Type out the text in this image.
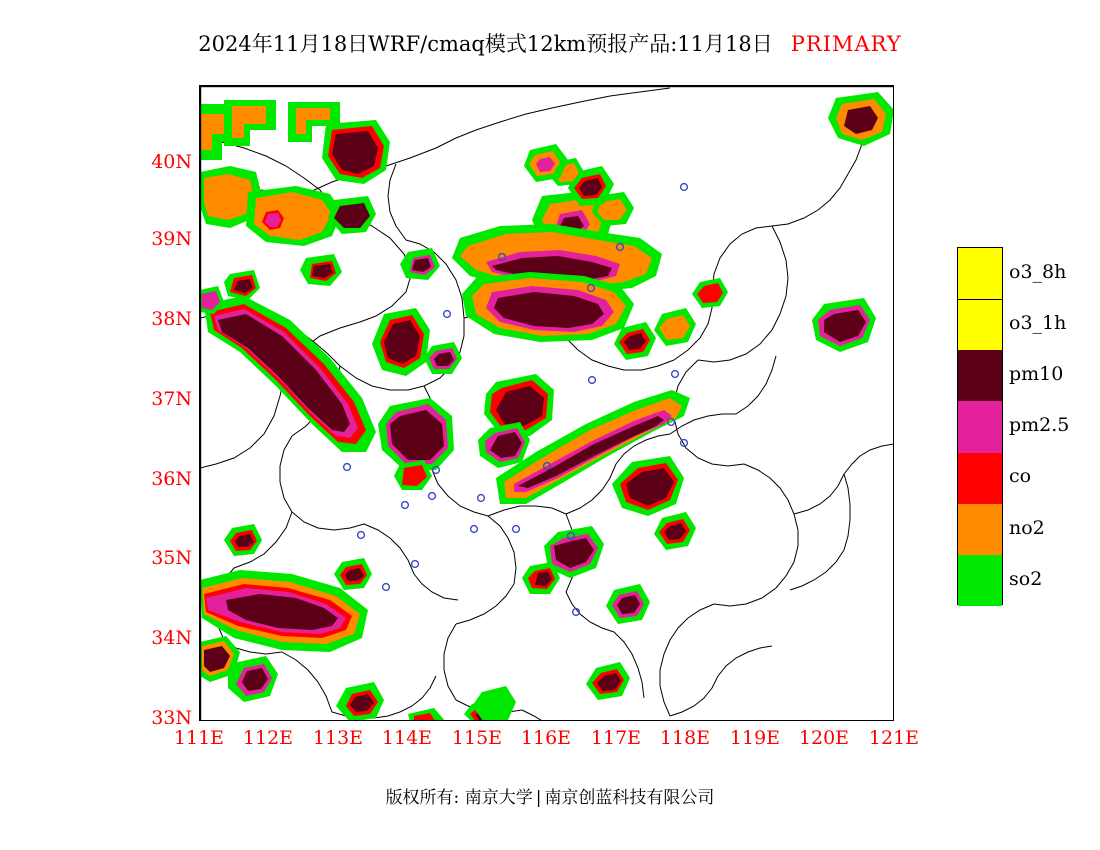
2024年11月18日WRF/cmaq模式12km预报产品:11月18日 PRIMARY
40N
39N
38N
37N
36N
35N
34N
33N
111E 112E	113E 114E	115E 116E	117E 118E	119E 120E	121E
o3_8h
o3_1h
pm10
pm2.5
co
no2
so2
版权所有: 南京大学 | 南京创蓝科技有限公司
